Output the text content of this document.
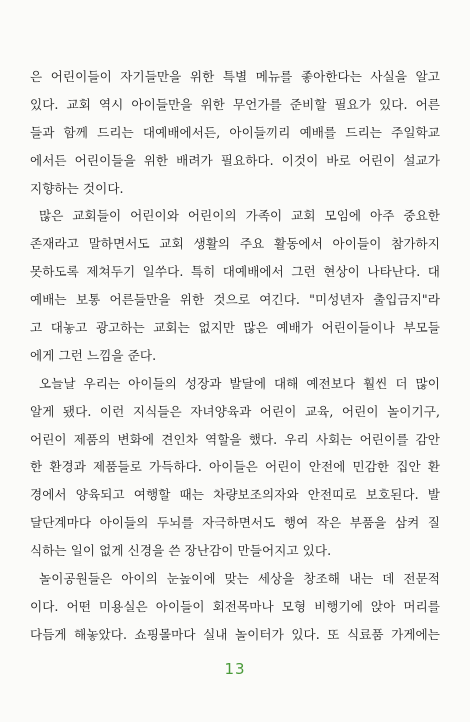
은 어린이들이 자기들만을 위한 특별 메뉴를 좋아한다는 사실을 알고
있다. 교회 역시 아이들만을 위한 무언가를 준비할 필요가 있다. 어른
들과 함께 드리는 대예배에서든, 아이들끼리 예배를 드리는 주일학교
에서든 어린이들을 위한 배려가 필요하다. 이것이 바로 어린이 설교가
지향하는 것이다.
많은 교회들이 어린이와 어린이의 가족이 교회 모임에 아주 중요한
존재라고 말하면서도 교회 생활의 주요 활동에서 아이들이 참가하지
못하도록 제쳐두기 일쑤다. 특히 대예배에서 그런 현상이 나타난다. 대
예배는 보통 어른들만을 위한 것으로 여긴다. "미성년자 출입금지"라
고 대놓고 광고하는 교회는 없지만 많은 예배가 어린이들이나 부모들
에게 그런 느낌을 준다.
오늘날 우리는 아이들의 성장과 발달에 대해 예전보다 훨씬 더 많이
알게 됐다. 이런 지식들은 자녀양육과 어린이 교육, 어린이 놀이기구,
어린이 제품의 변화에 견인차 역할을 했다. 우리 사회는 어린이를 감안
한 환경과 제품들로 가득하다. 아이들은 어린이 안전에 민감한 집안 환
경에서 양육되고 여행할 때는 차량보조의자와 안전띠로 보호된다. 발
달단계마다 아이들의 두뇌를 자극하면서도 행여 작은 부품을 삼켜 질
식하는 일이 없게 신경을 쓴 장난감이 만들어지고 있다.
놀이공원들은 아이의 눈높이에 맞는 세상을 창조해 내는 데 전문적
이다. 어떤 미용실은 아이들이 회전목마나 모형 비행기에 앉아 머리를
다듬게 해놓았다. 쇼핑몰마다 실내 놀이터가 있다. 또 식료품 가게에는
13
